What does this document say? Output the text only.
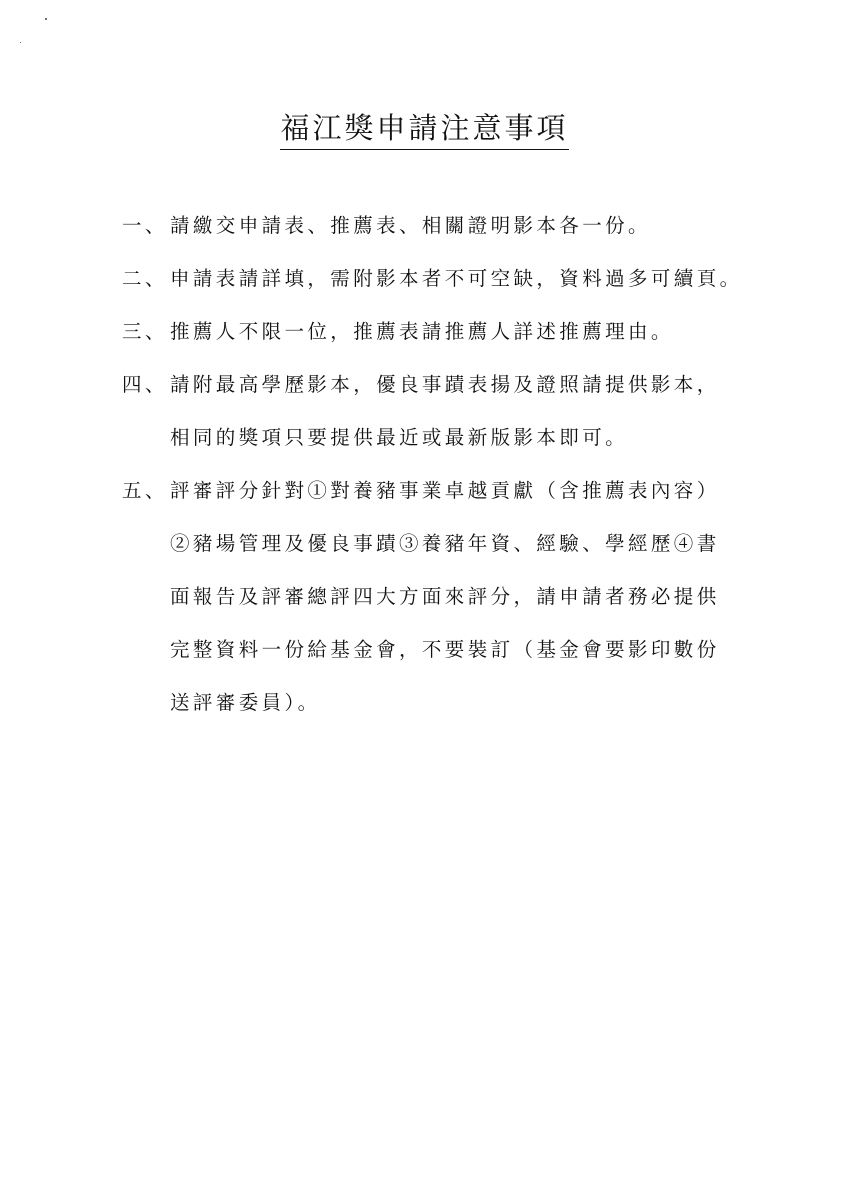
福江獎申請注意事項
一、 請繳交申請表、推薦表、相關證明影本各一份。
二、 申請表請詳填，需附影本者不可空缺，資料過多可續頁。
三、 推薦人不限一位，推薦表請推薦人詳述推薦理由。
四、 請附最高學歷影本，優良事蹟表揚及證照請提供影本，
相同的獎項只要提供最近或最新版影本即可。
五、 評審評分針對①對養豬事業卓越貢獻（含推薦表內容）
②豬場管理及優良事蹟③養豬年資、經驗、學經歷④書
面報告及評審總評四大方面來評分，請申請者務必提供
完整資料一份給基金會，不要裝訂（基金會要影印數份
送評審委員）。
